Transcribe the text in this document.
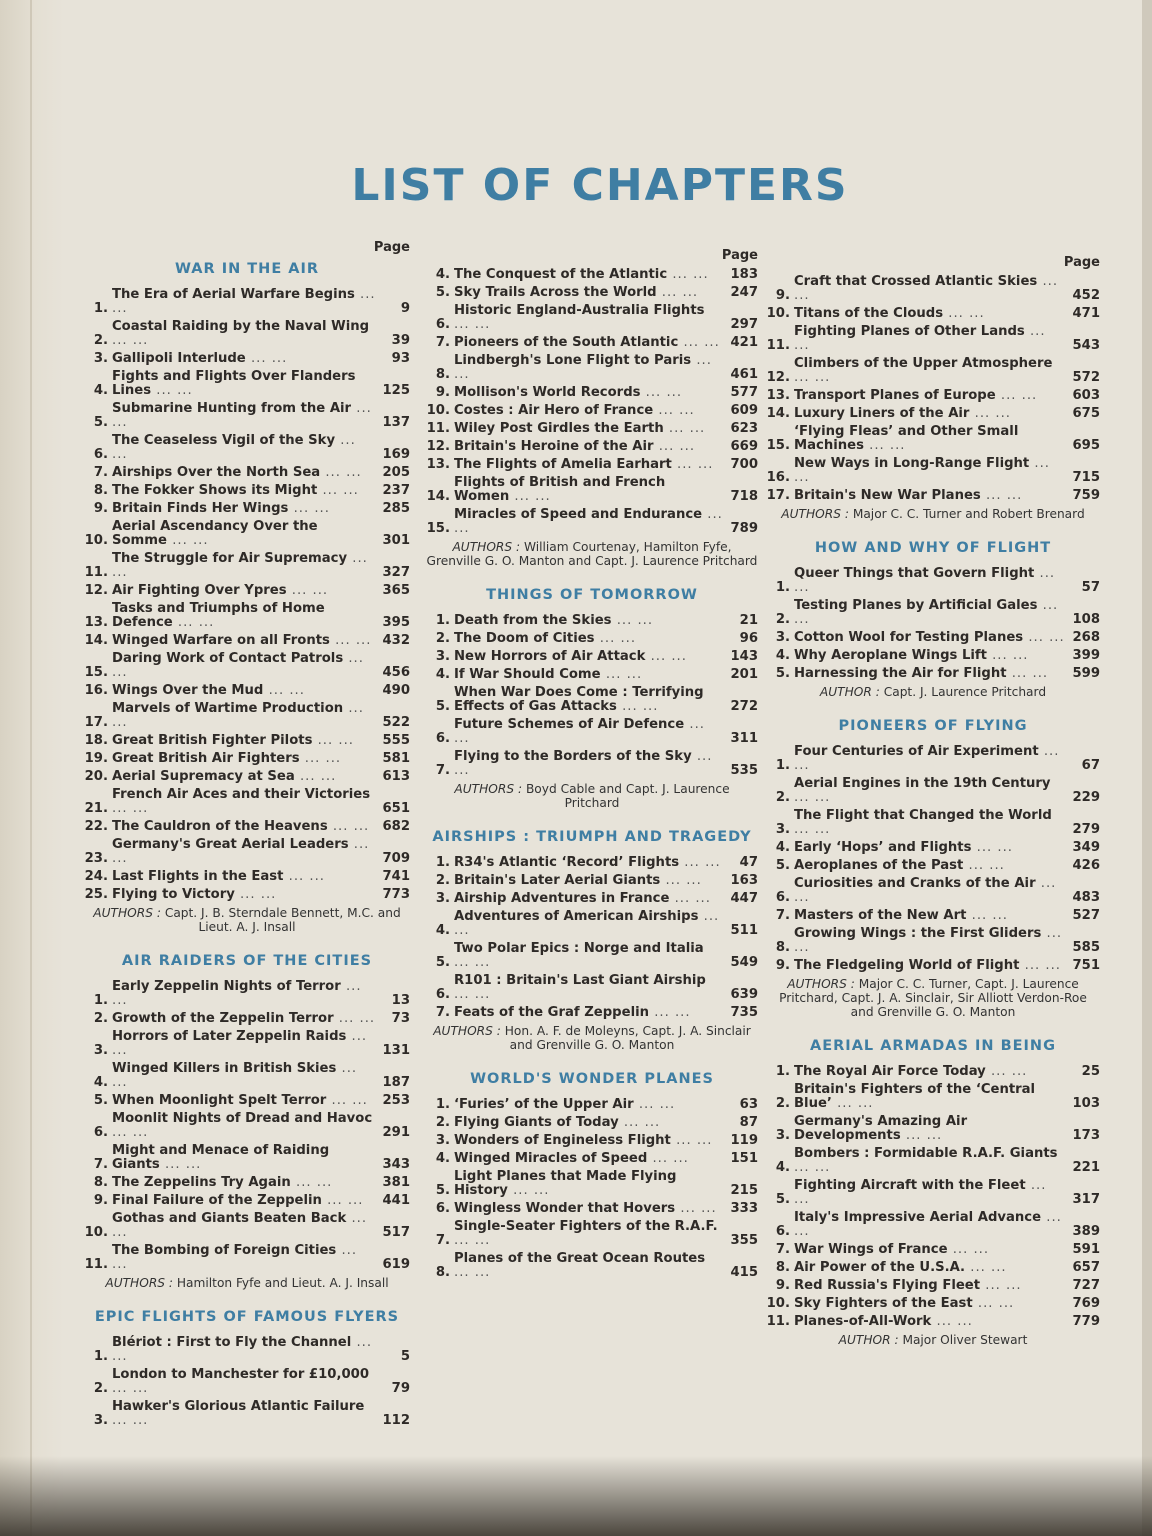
LIST OF CHAPTERS
Page
WAR IN THE AIR
1.
The Era of Aerial Warfare Begins ... ...	9
2.
Coastal Raiding by the Naval Wing ... ...	39
3. Gallipoli Interlude ... ...	93
4.
Fights and Flights Over Flanders Lines ... ...	125
5.
Submarine Hunting from the Air ... ...	137
6.
The Ceaseless Vigil of the Sky ... ...	169
7. Airships Over the North Sea ... ...	205
8. The Fokker Shows its Might ... ...	237
9. Britain Finds Her Wings ... ...	285
10.
Aerial Ascendancy Over the Somme ... ...	301
11.
The Struggle for Air Supremacy ... ...	327
12. Air Fighting Over Ypres ... ...	365
13.
Tasks and Triumphs of Home Defence ... ...	395
14. Winged Warfare on all Fronts ... ... 432
15.
Daring Work of Contact Patrols ... ...	456
16. Wings Over the Mud ... ...	490
17.
Marvels of Wartime Production ... ...	522
18. Great British Fighter Pilots ... ...	555
19. Great British Air Fighters ... ...	581
20. Aerial Supremacy at Sea ... ...	613
21.
French Air Aces and their Victories ... ...	651
22. The Cauldron of the Heavens ... ...	682
23.
Germany's Great Aerial Leaders ... ...	709
24. Last Flights in the East ... ...	741
25. Flying to Victory ... ...	773
AUTHORS : Capt. J. B. Sterndale Bennett, M.C. and Lieut. A. J. Insall
AIR RAIDERS OF THE CITIES
1.
Early Zeppelin Nights of Terror ... ...	13
2. Growth of the Zeppelin Terror ... ...	73
3.
Horrors of Later Zeppelin Raids ... ...	131
4.
Winged Killers in British Skies ... ...	187
5. When Moonlight Spelt Terror ... ...	253
6.
Moonlit Nights of Dread and Havoc ... ...	291
7.
Might and Menace of Raiding Giants ... ...	343
8. The Zeppelins Try Again ... ...	381
9. Final Failure of the Zeppelin ... ...	441
10.
Gothas and Giants Beaten Back ... ...	517
11.
The Bombing of Foreign Cities ... ...	619
AUTHORS : Hamilton Fyfe and Lieut. A. J. Insall
EPIC FLIGHTS OF FAMOUS FLYERS
1.
Blériot : First to Fly the Channel ... ...	5
2.
London to Manchester for £10,000 ... ...	79
3.
Hawker's Glorious Atlantic Failure ... ...	112
Page
4. The Conquest of the Atlantic ... ...	183
5. Sky Trails Across the World ... ...	247
6.
Historic England-Australia Flights ... ...	297
7. Pioneers of the South Atlantic ... ... 421
8.
Lindbergh's Lone Flight to Paris ... ...	461
9. Mollison's World Records ... ...	577
10. Costes : Air Hero of France ... ...	609
11. Wiley Post Girdles the Earth ... ...	623
12. Britain's Heroine of the Air ... ...	669
13. The Flights of Amelia Earhart ... ...	700
14.
Flights of British and French Women ... ...	718
15.
Miracles of Speed and Endurance ... ...	789
AUTHORS : William Courtenay, Hamilton Fyfe, Grenville G. O. Manton and Capt. J. Laurence Pritchard
THINGS OF TOMORROW
1. Death from the Skies ... ...	21
2. The Doom of Cities ... ...	96
3. New Horrors of Air Attack ... ...	143
4. If War Should Come ... ...	201
5.
When War Does Come : Terrifying Effects of Gas Attacks ... ...	272
6.
Future Schemes of Air Defence ... ...	311
7.
Flying to the Borders of the Sky ... ...	535
AUTHORS : Boyd Cable and Capt. J. Laurence Pritchard
AIRSHIPS : TRIUMPH AND TRAGEDY
1. R34's Atlantic ‘Record’ Flights ... ...	47
2. Britain's Later Aerial Giants ... ...	163
3. Airship Adventures in France ... ...	447
4.
Adventures of American Airships ... ...	511
5.
Two Polar Epics : Norge and Italia ... ...	549
6.
R101 : Britain's Last Giant Airship ... ...	639
7. Feats of the Graf Zeppelin ... ...	735
AUTHORS : Hon. A. F. de Moleyns, Capt. J. A. Sinclair and Grenville G. O. Manton
WORLD'S WONDER PLANES
1. ‘Furies’ of the Upper Air ... ...	63
2. Flying Giants of Today ... ...	87
3. Wonders of Engineless Flight ... ...	119
4. Winged Miracles of Speed ... ...	151
5.
Light Planes that Made Flying History ... ...	215
6. Wingless Wonder that Hovers ... ...	333
7.
Single-Seater Fighters of the R.A.F. ... ...	355
8.
Planes of the Great Ocean Routes ... ...	415
Page
9.
Craft that Crossed Atlantic Skies ... ...	452
10. Titans of the Clouds ... ...	471
11.
Fighting Planes of Other Lands ... ...	543
12.
Climbers of the Upper Atmosphere ... ...	572
13. Transport Planes of Europe ... ...	603
14. Luxury Liners of the Air ... ...	675
15.
‘Flying Fleas’ and Other Small Machines ... ...	695
16.
New Ways in Long-Range Flight ... ...	715
17. Britain's New War Planes ... ...	759
AUTHORS : Major C. C. Turner and Robert Brenard
HOW AND WHY OF FLIGHT
1.
Queer Things that Govern Flight ... ...	57
2.
Testing Planes by Artificial Gales ... ...	108
3. Cotton Wool for Testing Planes ... ... 268
4. Why Aeroplane Wings Lift ... ...	399
5. Harnessing the Air for Flight ... ...	599
AUTHOR : Capt. J. Laurence Pritchard
PIONEERS OF FLYING
1.
Four Centuries of Air Experiment ... ...	67
2.
Aerial Engines in the 19th Century ... ...	229
3.
The Flight that Changed the World ... ...	279
4. Early ‘Hops’ and Flights ... ...	349
5. Aeroplanes of the Past ... ...	426
6.
Curiosities and Cranks of the Air ... ...	483
7. Masters of the New Art ... ...	527
8.
Growing Wings : the First Gliders ... ...	585
9. The Fledgeling World of Flight ... ... 751
AUTHORS : Major C. C. Turner, Capt. J. Laurence Pritchard, Capt. J. A. Sinclair, Sir Alliott Verdon-Roe and Grenville G. O. Manton
AERIAL ARMADAS IN BEING
1. The Royal Air Force Today ... ...	25
2.
Britain's Fighters of the ‘Central Blue’ ... ...	103
3.
Germany's Amazing Air Developments ... ...	173
4.
Bombers : Formidable R.A.F. Giants ... ...	221
5.
Fighting Aircraft with the Fleet ... ...	317
6.
Italy's Impressive Aerial Advance ... ...	389
7. War Wings of France ... ...	591
8. Air Power of the U.S.A. ... ...	657
9. Red Russia's Flying Fleet ... ...	727
10. Sky Fighters of the East ... ...	769
11. Planes-of-All-Work ... ...	779
AUTHOR : Major Oliver Stewart
